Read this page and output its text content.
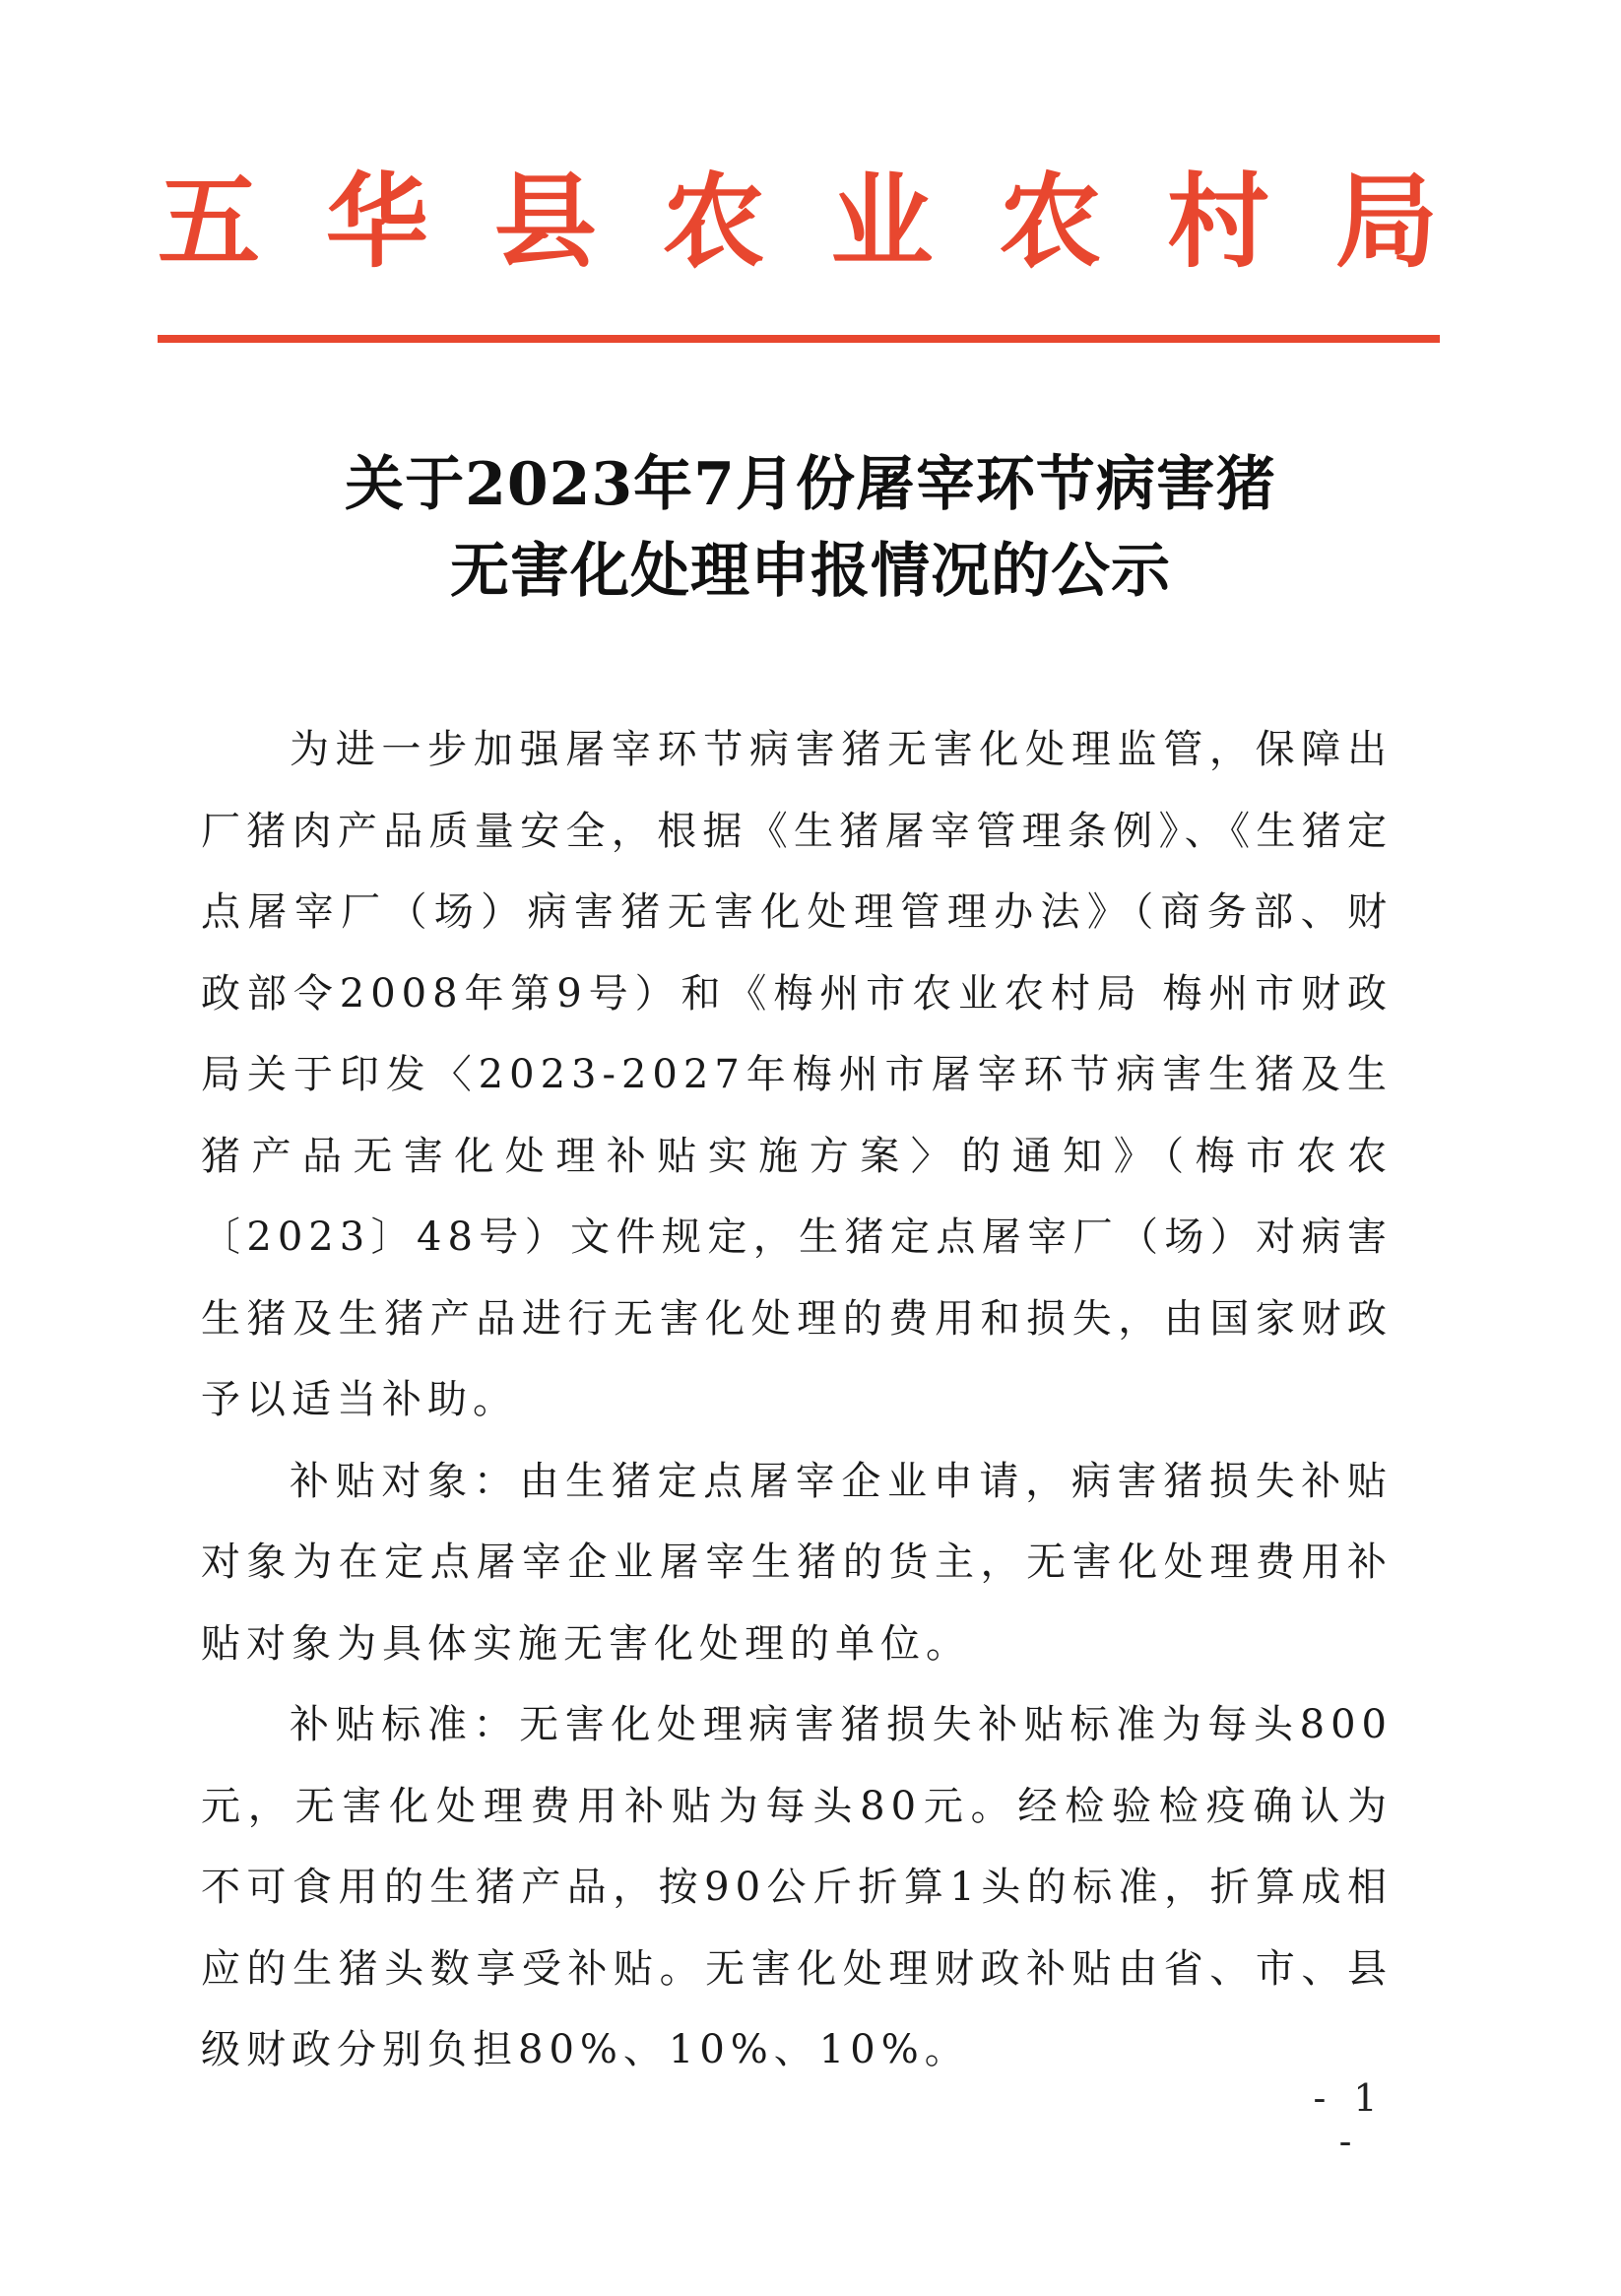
五 华 县 农 业 农 村 局
关于2023年7月份屠宰环节病害猪
无害化处理申报情况的公示

为进一步加强屠宰环节病害猪无害化处理监管，保障出厂猪肉产品质量安全，根据《生猪屠宰管理条例》、《生猪定点屠宰厂（场）病害猪无害化处理管理办法》（商务部、财政部令2008年第9号）和《梅州市农业农村局 梅州市财政局关于印发〈2023-2027年梅州市屠宰环节病害生猪及生猪产品无害化处理补贴实施方案〉的通知》（梅市农农〔2023〕48号）文件规定，生猪定点屠宰厂（场）对病害生猪及生猪产品进行无害化处理的费用和损失，由国家财政予以适当补助。

补贴对象：由生猪定点屠宰企业申请，病害猪损失补贴对象为在定点屠宰企业屠宰生猪的货主，无害化处理费用补贴对象为具体实施无害化处理的单位。

补贴标准：无害化处理病害猪损失补贴标准为每头800元，无害化处理费用补贴为每头80元。经检验检疫确认为不可食用的生猪产品，按90公斤折算1头的标准，折算成相应的生猪头数享受补贴。无害化处理财政补贴由省、市、县级财政分别负担80%、10%、10%。

- 1 -
